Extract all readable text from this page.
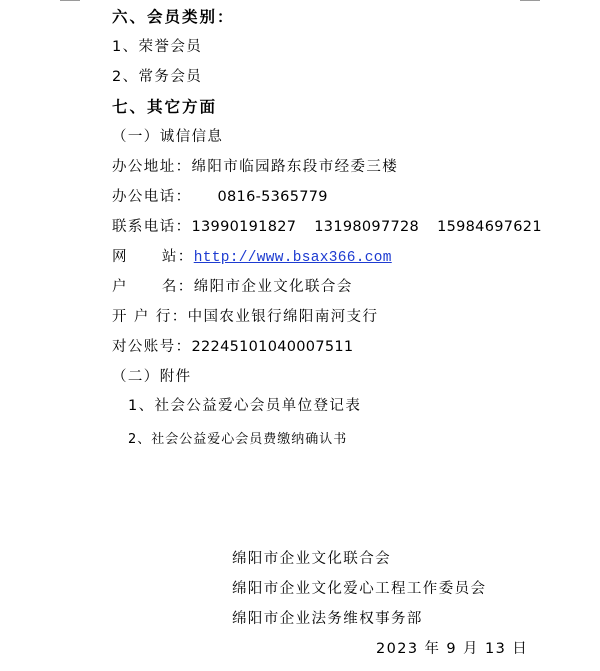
六、会员类别：
1、荣誉会员
2、常务会员
七、其它方面
（一）诚信信息
办公地址：绵阳市临园路东段市经委三楼
办公电话： 0816-5365779
联系电话：13990191827 13198097728 15984697621
网 站：http://www.bsax366.com
户 名：绵阳市企业文化联合会
开 户 行：中国农业银行绵阳南河支行
对公账号：22245101040007511
（二）附件
1、社会公益爱心会员单位登记表
2、社会公益爱心会员费缴纳确认书
绵阳市企业文化联合会
绵阳市企业文化爱心工程工作委员会
绵阳市企业法务维权事务部
2023 年 9 月 13 日
